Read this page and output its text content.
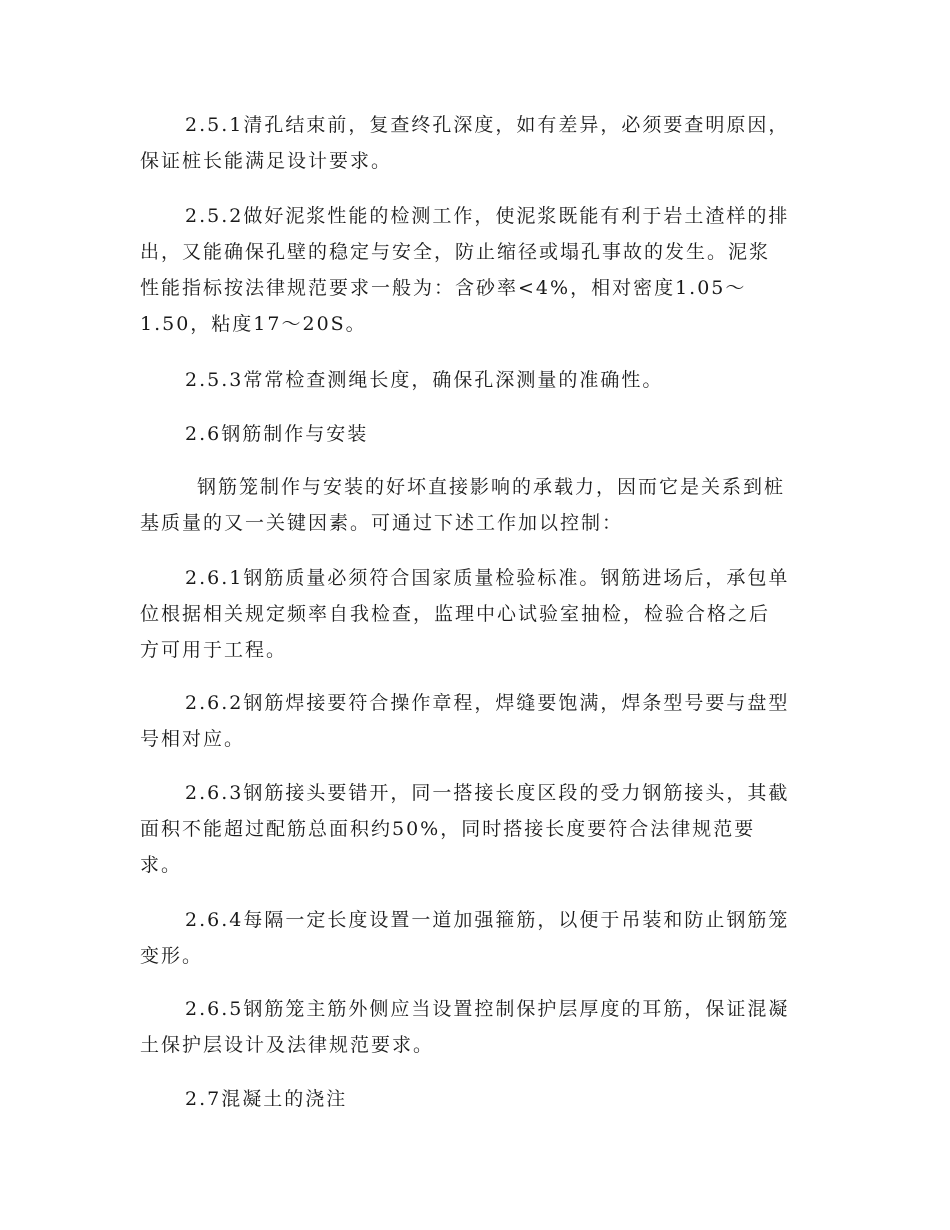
2.5.1清孔结束前，复查终孔深度，如有差异，必须要查明原因，
保证桩长能满足设计要求。

2.5.2做好泥浆性能的检测工作，使泥浆既能有利于岩土渣样的排
出，又能确保孔壁的稳定与安全，防止缩径或塌孔事故的发生。泥浆
性能指标按法律规范要求一般为：含砂率<4%，相对密度1.05～
1.50，粘度17～20S。

2.5.3常常检查测绳长度，确保孔深测量的准确性。

2.6钢筋制作与安装

钢筋笼制作与安装的好坏直接影响的承载力，因而它是关系到桩
基质量的又一关键因素。可通过下述工作加以控制：

2.6.1钢筋质量必须符合国家质量检验标准。钢筋进场后，承包单
位根据相关规定频率自我检查，监理中心试验室抽检，检验合格之后
方可用于工程。

2.6.2钢筋焊接要符合操作章程，焊缝要饱满，焊条型号要与盘型
号相对应。

2.6.3钢筋接头要错开，同一搭接长度区段的受力钢筋接头，其截
面积不能超过配筋总面积约50%，同时搭接长度要符合法律规范要
求。

2.6.4每隔一定长度设置一道加强箍筋，以便于吊装和防止钢筋笼
变形。

2.6.5钢筋笼主筋外侧应当设置控制保护层厚度的耳筋，保证混凝
土保护层设计及法律规范要求。

2.7混凝土的浇注
